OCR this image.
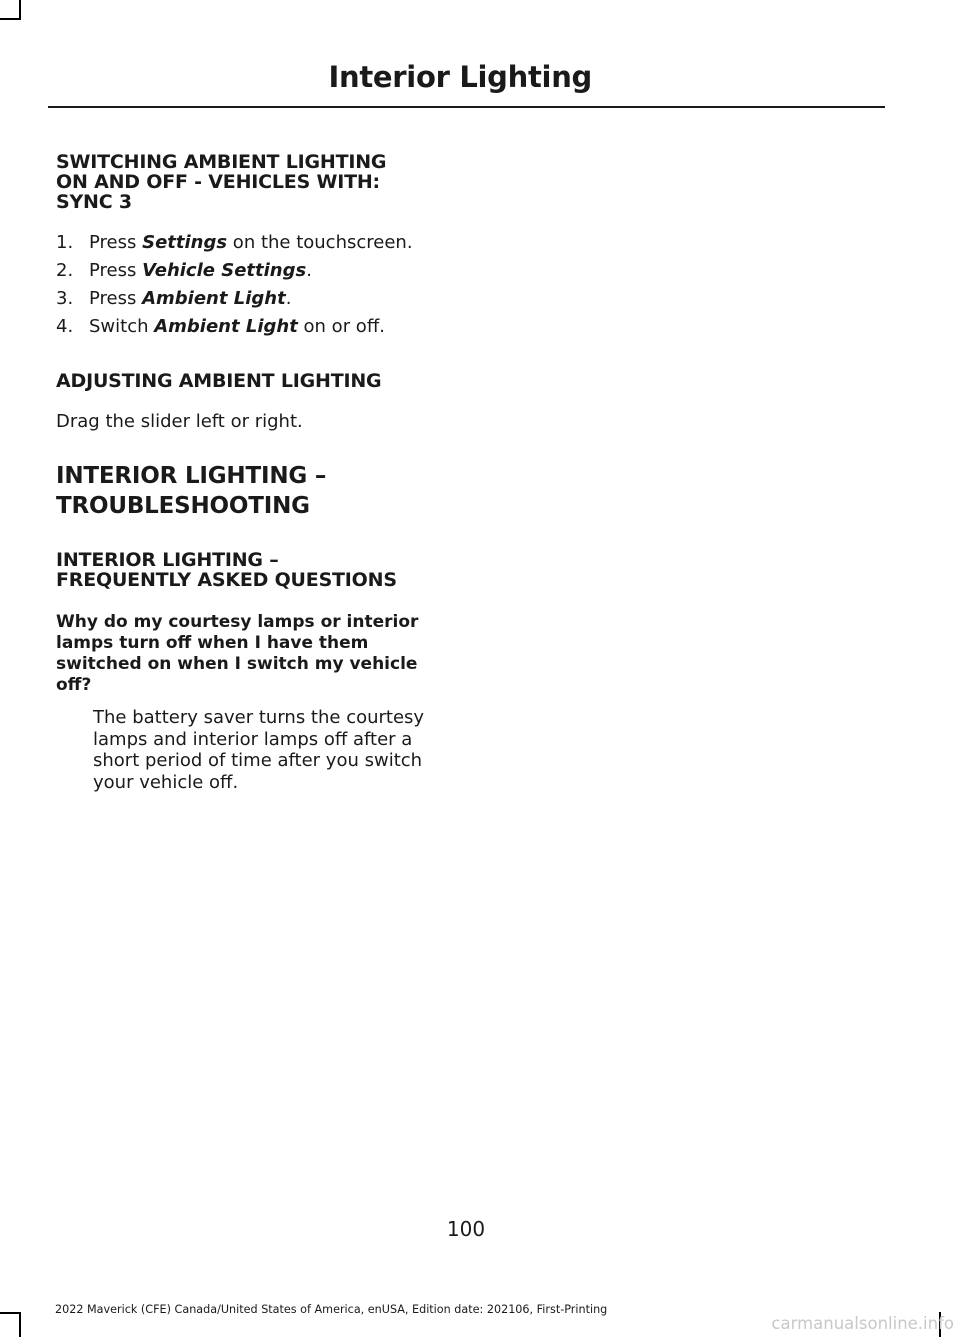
Interior Lighting
SWITCHING AMBIENT LIGHTING
ON AND OFF - VEHICLES WITH:
SYNC 3
1. Press Settings on the touchscreen.
2. Press Vehicle Settings.
3. Press Ambient Light.
4. Switch Ambient Light on or off.
ADJUSTING AMBIENT LIGHTING

Drag the slider left or right.

INTERIOR LIGHTING –
TROUBLESHOOTING
INTERIOR LIGHTING –
FREQUENTLY ASKED QUESTIONS
Why do my courtesy lamps or interior
lamps turn off when I have them
switched on when I switch my vehicle
off?
The battery saver turns the courtesy
lamps and interior lamps off after a
short period of time after you switch
your vehicle off.
100
2022 Maverick (CFE) Canada/United States of America, enUSA, Edition date: 202106, First-Printing
carmanualsonline.info
